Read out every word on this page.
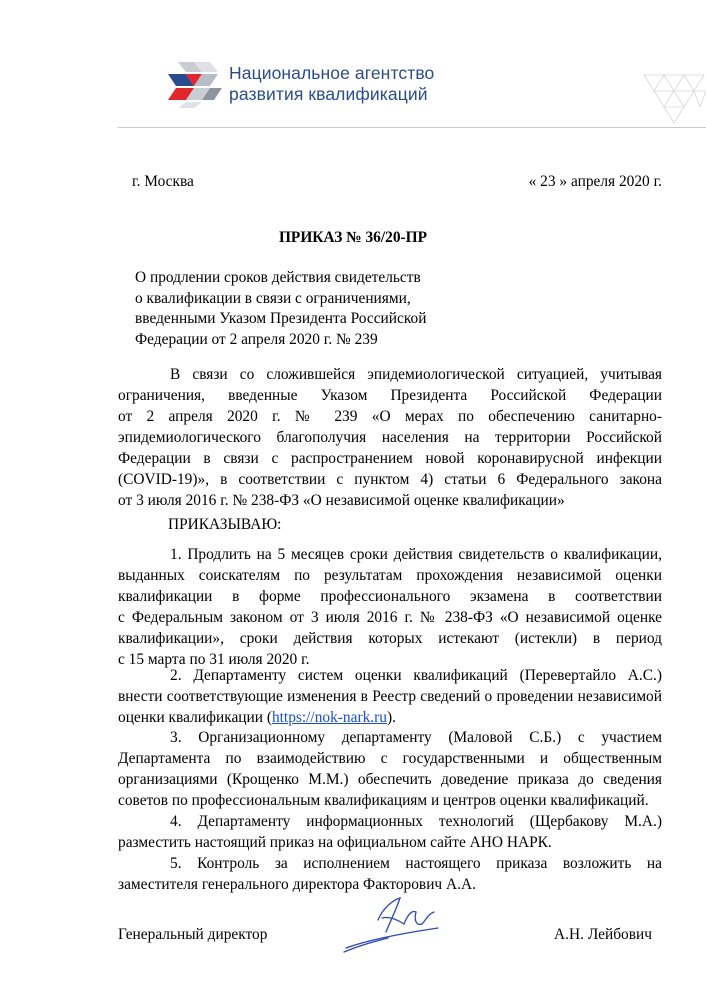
Национальное агентство
развития квалификаций
г. Москва	« 23 » апреля 2020 г.
ПРИКАЗ № 36/20-ПР
О продлении сроков действия свидетельств
о квалификации в связи с ограничениями,
введенными Указом Президента Российской
Федерации от 2 апреля 2020 г. № 239
В связи со сложившейся эпидемиологической ситуацией, учитывая
ограничения, введенные Указом Президента Российской Федерации
от 2 апреля 2020 г. № 239 «О мерах по обеспечению санитарно-
эпидемиологического благополучия населения на территории Российской
Федерации в связи с распространением новой коронавирусной инфекции
(COVID-19)», в соответствии с пунктом 4) статьи 6 Федерального закона
от 3 июля 2016 г. № 238-ФЗ «О независимой оценке квалификации»
ПРИКАЗЫВАЮ:
1. Продлить на 5 месяцев сроки действия свидетельств о квалификации,
выданных соискателям по результатам прохождения независимой оценки
квалификации в форме профессионального экзамена в соответствии
с Федеральным законом от 3 июля 2016 г. № 238-ФЗ «О независимой оценке
квалификации», сроки действия которых истекают (истекли) в период
с 15 марта по 31 июля 2020 г.
2. Департаменту систем оценки квалификаций (Перевертайло А.С.)
внести соответствующие изменения в Реестр сведений о проведении независимой
оценки квалификации (https://nok-nark.ru).
3. Организационному департаменту (Маловой С.Б.) с участием
Департамента по взаимодействию с государственными и общественным
организациями (Крощенко М.М.) обеспечить доведение приказа до сведения
советов по профессиональным квалификациям и центров оценки квалификаций.
4. Департаменту информационных технологий (Щербакову М.А.)
разместить настоящий приказ на официальном сайте АНО НАРК.
5. Контроль за исполнением настоящего приказа возложить на
заместителя генерального директора Факторович А.А.
Генеральный директор	А.Н. Лейбович
